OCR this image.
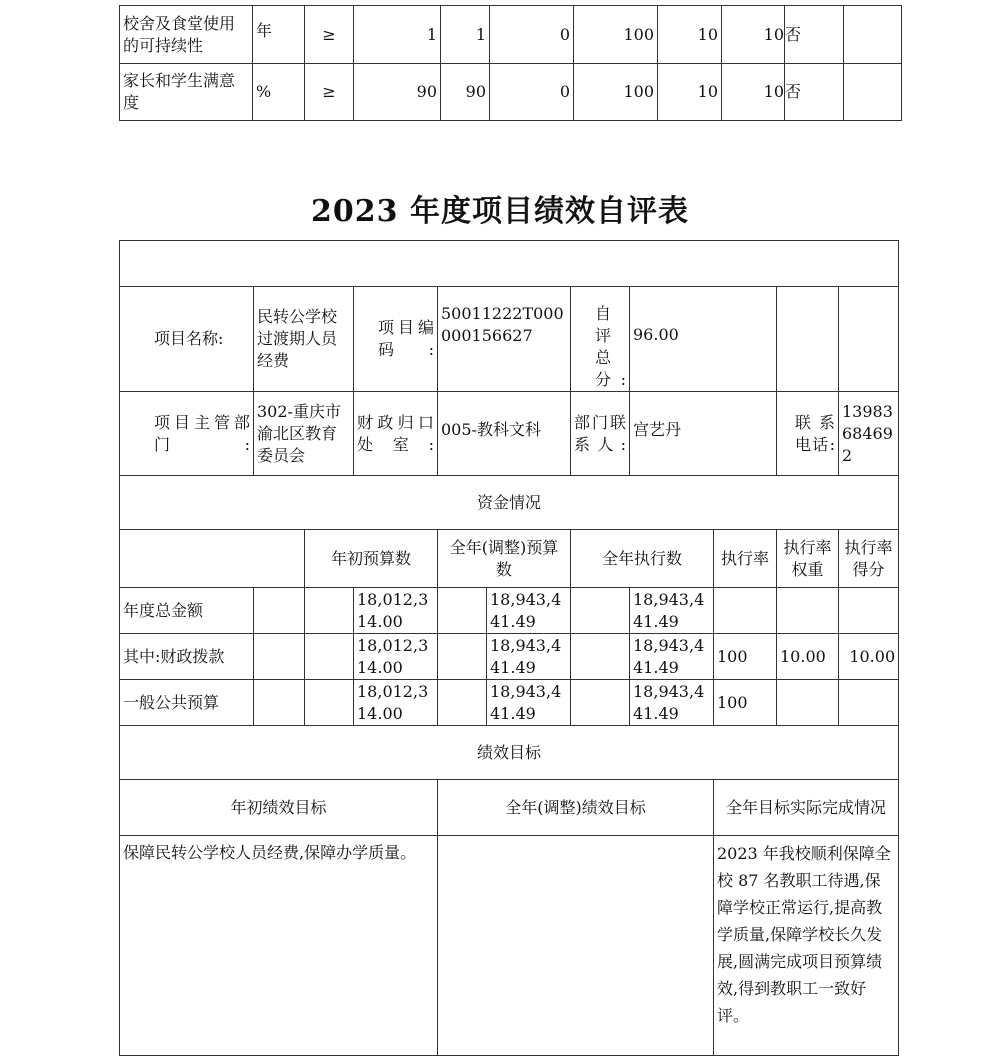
校舍及食堂使用的可持续性	年	≥	1	1	0	100	10	10	否	
家长和学生满意度	%	≥	90	90	0	100	10	10	否	
2023 年度项目绩效自评表

项目名称:	民转公学校过渡期人员经费		项目编码:	50011222T000000156627		自评总分:	96.00			
项目主管部门:	302-重庆市渝北区教育委员会		财政归口处室:	005-教科文科		部门联系人:	宫艺丹		联系电话:	13983684692
资金情况										
		年初预算数		全年(调整)预算数		全年执行数		执行率	执行率权重	执行率得分
年度总金额			18,012,314.00		18,943,441.49		18,943,441.49			
其中:财政拨款			18,012,314.00		18,943,441.49		18,943,441.49	100	10.00	10.00
一般公共预算			18,012,314.00		18,943,441.49		18,943,441.49	100		
绩效目标										
年初绩效目标				全年(调整)绩效目标				全年目标实际完成情况		
保障民转公学校人员经费,保障办学质量。								2023 年我校顺利保障全校 87 名教职工待遇,保障学校正常运行,提高教学质量,保障学校长久发展,圆满完成项目预算绩效,得到教职工一致好评。		
